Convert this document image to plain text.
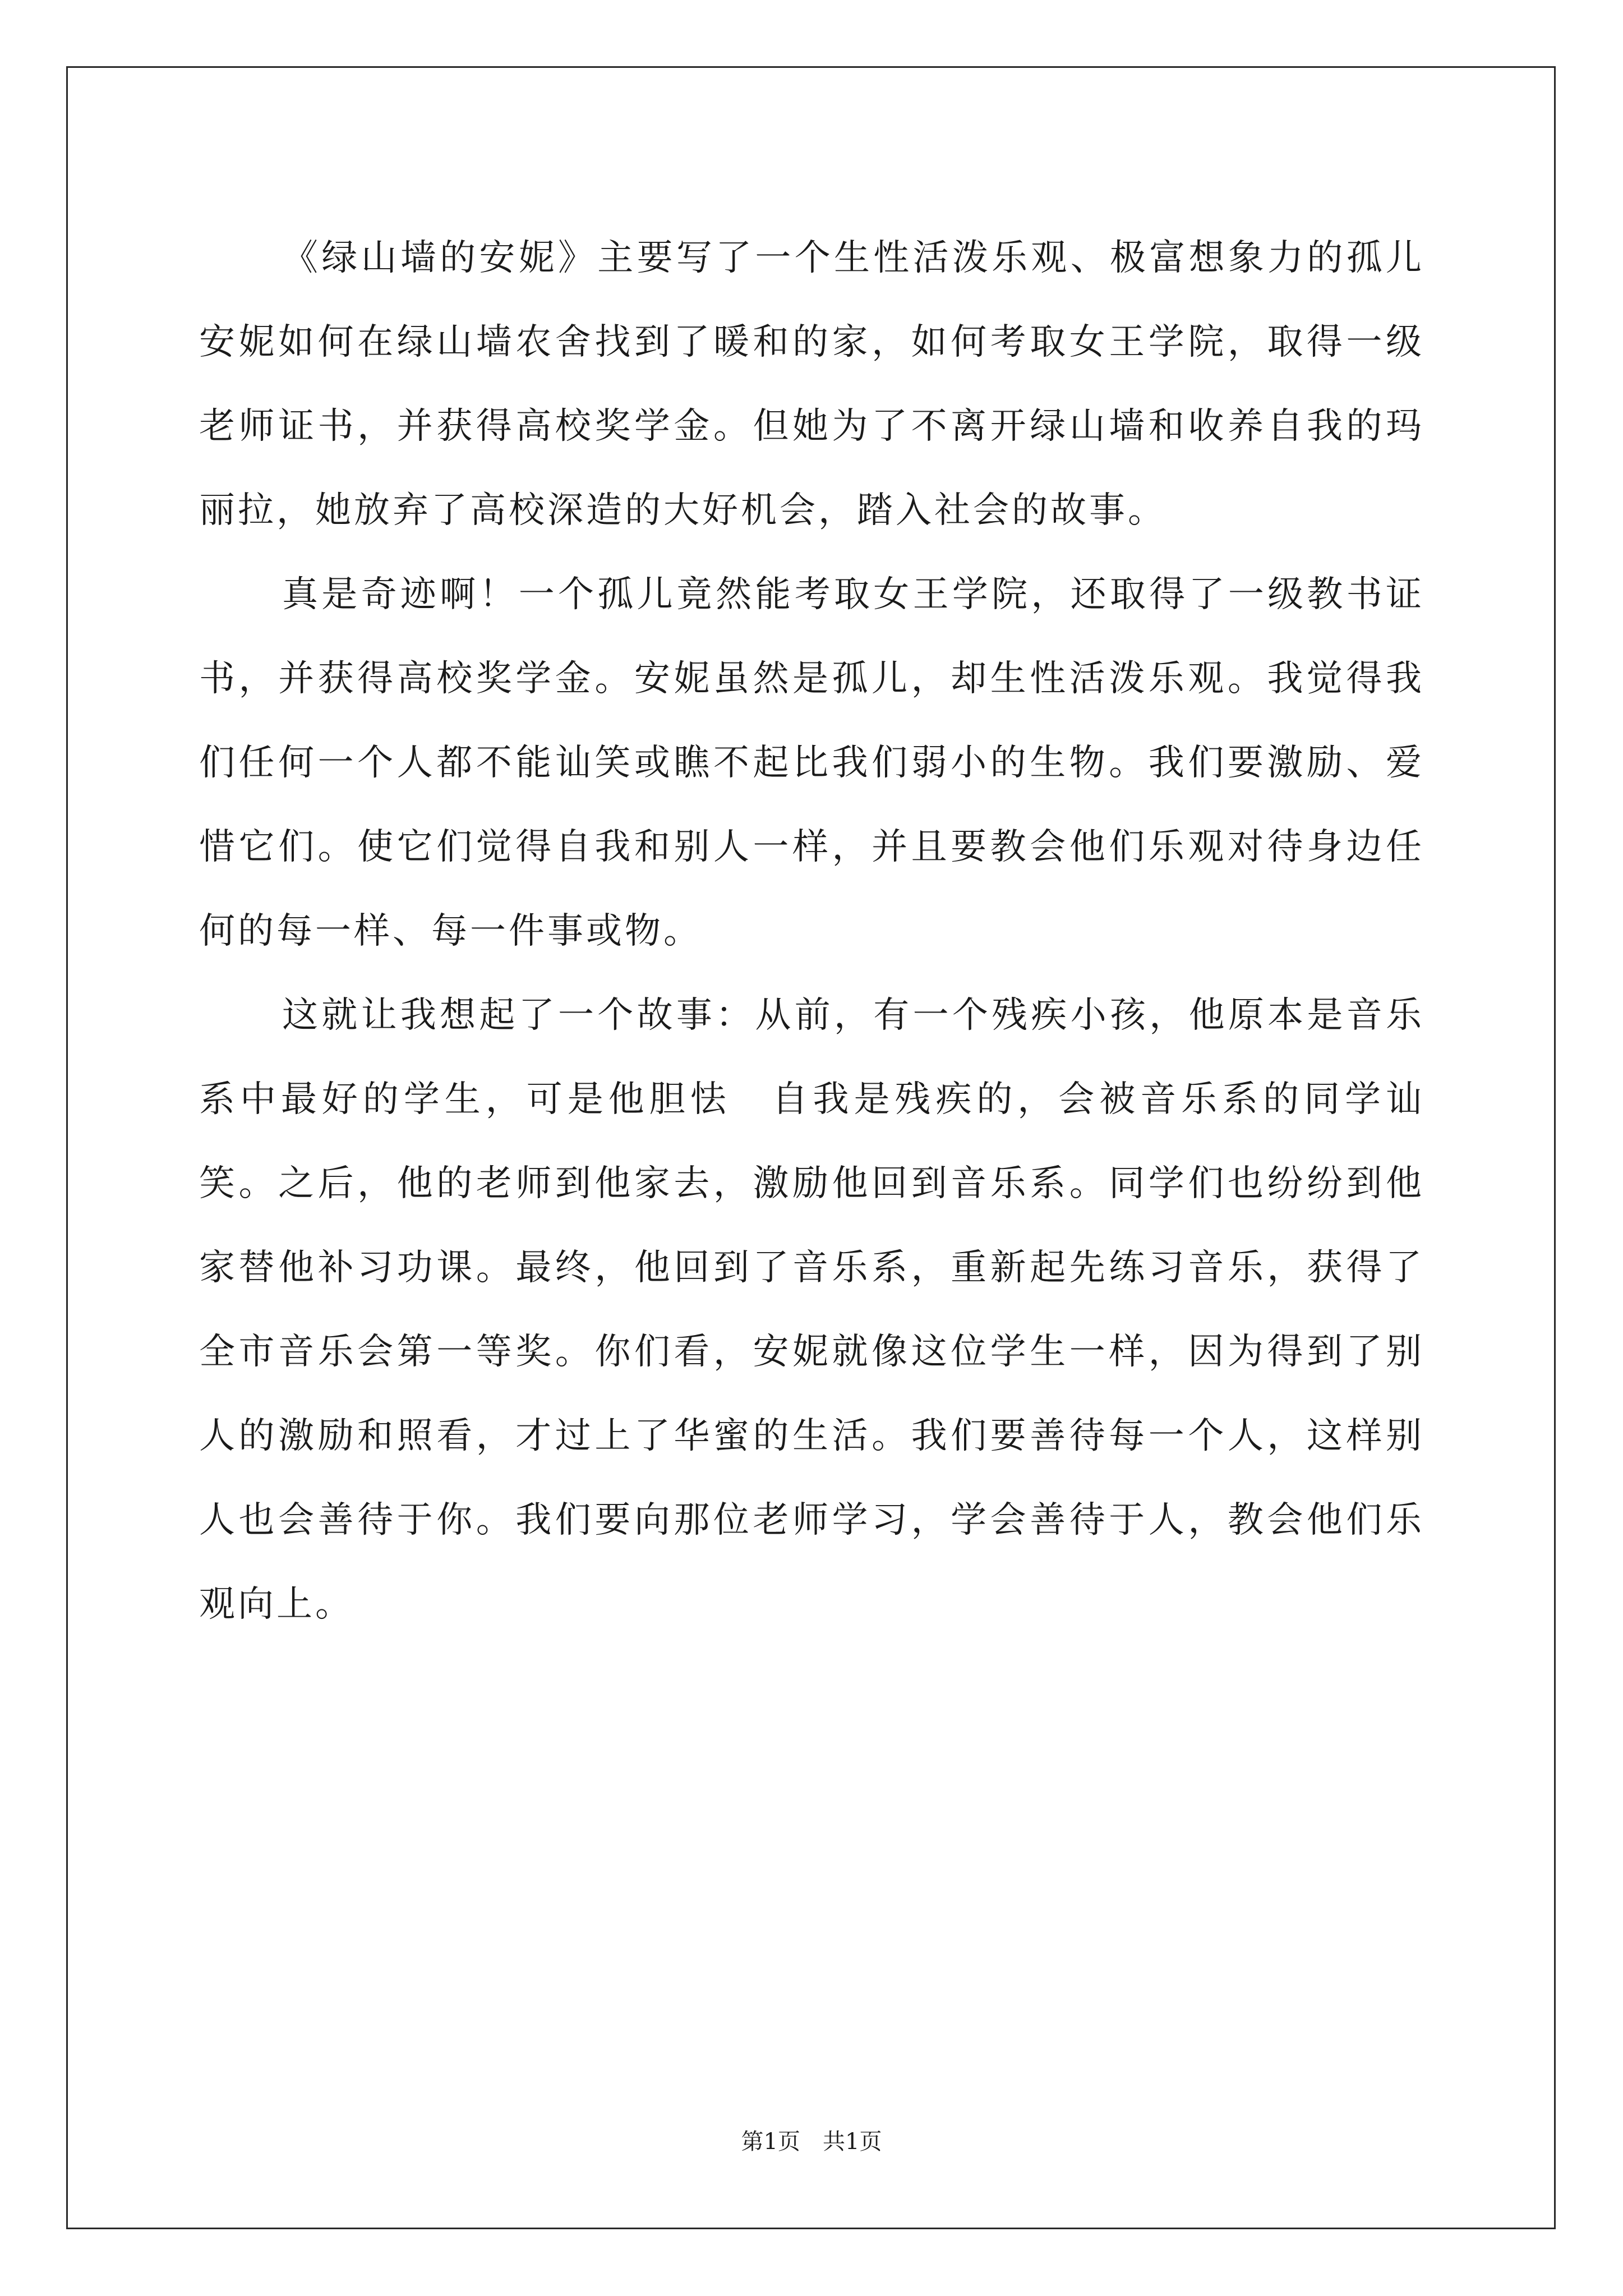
《绿山墙的安妮》主要写了一个生性活泼乐观、极富想象力的孤儿安妮如何在绿山墙农舍找到了暖和的家，如何考取女王学院，取得一级老师证书，并获得高校奖学金。但她为了不离开绿山墙和收养自我的玛丽拉，她放弃了高校深造的大好机会，踏入社会的故事。

真是奇迹啊！一个孤儿竟然能考取女王学院，还取得了一级教书证书，并获得高校奖学金。安妮虽然是孤儿，却生性活泼乐观。我觉得我们任何一个人都不能讪笑或瞧不起比我们弱小的生物。我们要激励、爱惜它们。使它们觉得自我和别人一样，并且要教会他们乐观对待身边任何的每一样、每一件事或物。

这就让我想起了一个故事：从前，有一个残疾小孩，他原本是音乐系中最好的学生，可是他胆怯　自我是残疾的，会被音乐系的同学讪笑。之后，他的老师到他家去，激励他回到音乐系。同学们也纷纷到他家替他补习功课。最终，他回到了音乐系，重新起先练习音乐，获得了全市音乐会第一等奖。你们看，安妮就像这位学生一样，因为得到了别人的激励和照看，才过上了华蜜的生活。我们要善待每一个人，这样别人也会善待于你。我们要向那位老师学习，学会善待于人，教会他们乐观向上。

第1页 共1页
